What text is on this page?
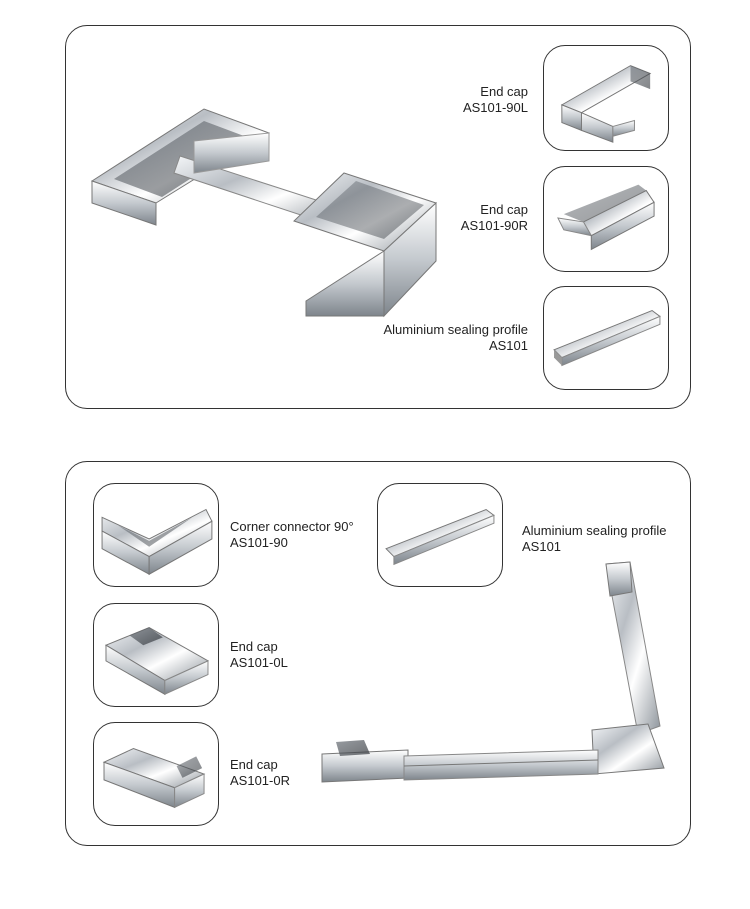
End cap
AS101-90L
End cap
AS101-90R
Aluminium sealing profile
AS101
Corner connector 90°
AS101-90
End cap
AS101-0L
End cap
AS101-0R
Aluminium sealing profile
AS101
